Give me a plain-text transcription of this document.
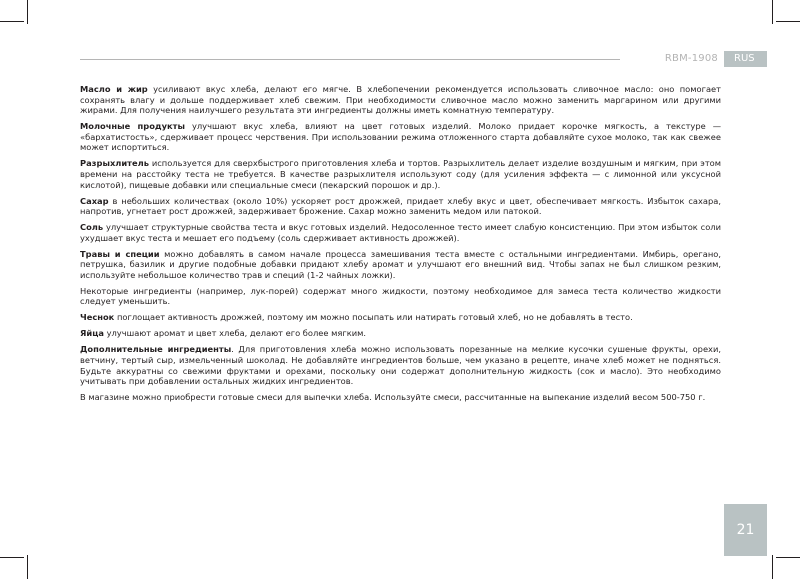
RBM-1908	RUS

Масло и жир усиливают вкус хлеба, делают его мягче. В хлебопечении рекомендуется использовать сливочное масло: оно помогает сохранять влагу и дольше поддерживает хлеб свежим. При необходимости сливочное масло можно заменить маргарином или другими жирами. Для получения наилучшего результата эти ингредиенты должны иметь комнатную температуру.

Молочные продукты улучшают вкус хлеба, влияют на цвет готовых изделий. Молоко придает корочке мягкость, а текстуре — «бархатистость», сдерживает процесс черствения. При использовании режима отложенного старта добавляйте сухое молоко, так как свежее может испортиться.

Разрыхлитель используется для сверхбыстрого приготовления хлеба и тортов. Разрыхлитель делает изделие воздушным и мягким, при этом времени на расстойку теста не требуется. В качестве разрыхлителя используют соду (для усиления эффекта — с лимонной или уксусной кислотой), пищевые добавки или специальные смеси (пекарский порошок и др.).

Сахар в небольших количествах (около 10%) ускоряет рост дрожжей, придает хлебу вкус и цвет, обеспечивает мягкость. Избыток сахара, напротив, угнетает рост дрожжей, задерживает брожение. Сахар можно заменить медом или патокой.

Соль улучшает структурные свойства теста и вкус готовых изделий. Недосоленное тесто имеет слабую консистенцию. При этом избыток соли ухудшает вкус теста и мешает его подъему (соль сдерживает активность дрожжей).

Травы и специи можно добавлять в самом начале процесса замешивания теста вместе с остальными ингредиентами. Имбирь, орегано, петрушка, базилик и другие подобные добавки придают хлебу аромат и улучшают его внешний вид. Чтобы запах не был слишком резким, используйте небольшое количество трав и специй (1-2 чайных ложки).

Некоторые ингредиенты (например, лук-порей) содержат много жидкости, поэтому необходимое для замеса теста количество жидкости следует уменьшить.

Чеснок поглощает активность дрожжей, поэтому им можно посыпать или натирать готовый хлеб, но не добавлять в тесто.

Яйца улучшают аромат и цвет хлеба, делают его более мягким.

Дополнительные ингредиенты. Для приготовления хлеба можно использовать порезанные на мелкие кусочки сушеные фрукты, орехи, ветчину, тертый сыр, измельченный шоколад. Не добавляйте ингредиентов больше, чем указано в рецепте, иначе хлеб может не подняться. Будьте аккуратны со свежими фруктами и орехами, поскольку они содержат дополнительную жидкость (сок и масло). Это необходимо учитывать при добавлении остальных жидких ингредиентов.

В магазине можно приобрести готовые смеси для выпечки хлеба. Используйте смеси, рассчитанные на выпекание изделий весом 500-750 г.

21
